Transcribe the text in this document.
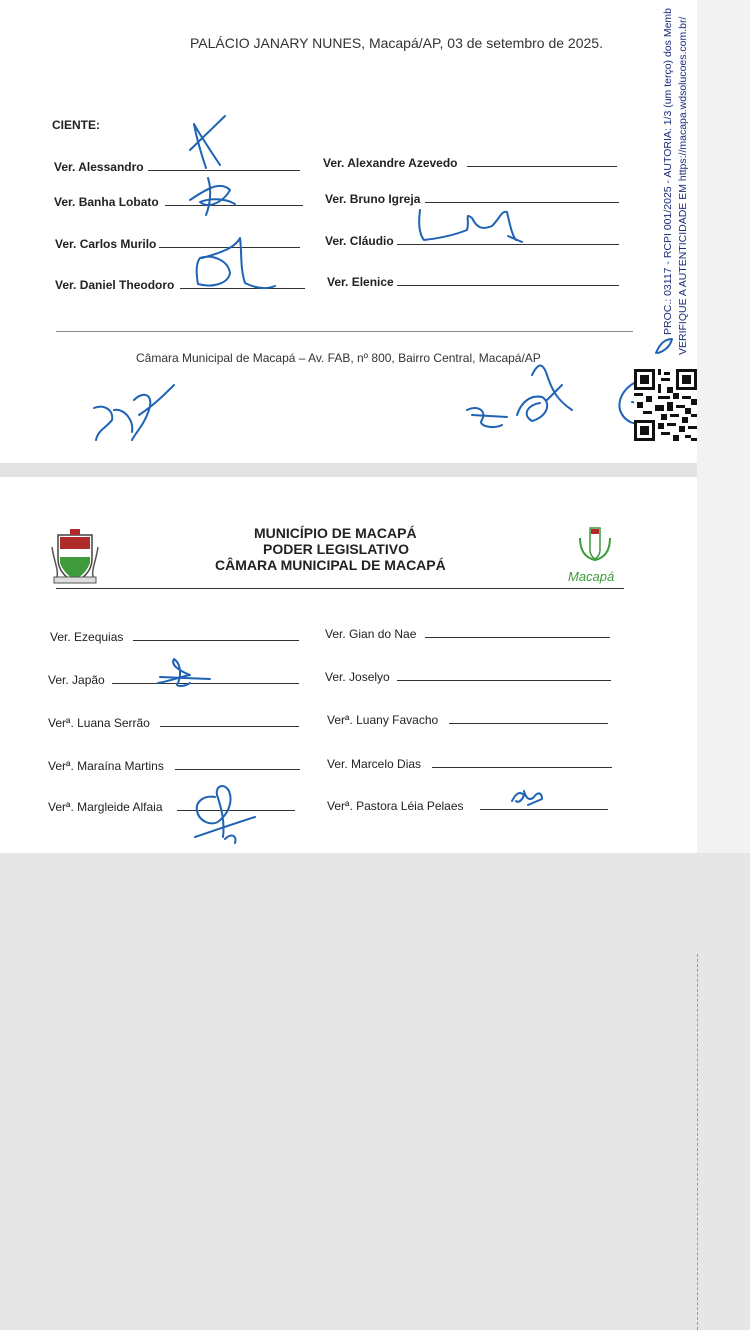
PALÁCIO JANARY NUNES, Macapá/AP, 03 de setembro de 2025.
CIENTE:
Ver. Alessandro	Ver. Alexandre Azevedo
Ver. Banha Lobato	Ver. Bruno Igreja
Ver. Carlos Murilo	Ver. Cláudio
Ver. Daniel Theodoro	Ver. Elenice
Câmara Municipal de Macapá – Av. FAB, nº 800, Bairro Central, Macapá/AP
PROC.: 03117 - RCPI 001/2025 - AUTORIA: 1/3 (um terço) dos Memb VERIFIQUE A AUTENTICIDADE EM https://macapa.wdsolucoes.com.br/
MUNICÍPIO DE MACAPÁ
PODER LEGISLATIVO
CÂMARA MUNICIPAL DE MACAPÁ
Macapá
Ver. Ezequias	Ver. Gian do Nae
Ver. Japão	Ver. Joselyo
Verª. Luana Serrão	Verª. Luany Favacho
Verª. Maraína Martins	Ver. Marcelo Dias
Verª. Margleide Alfaia	Verª. Pastora Léia Pelaes
